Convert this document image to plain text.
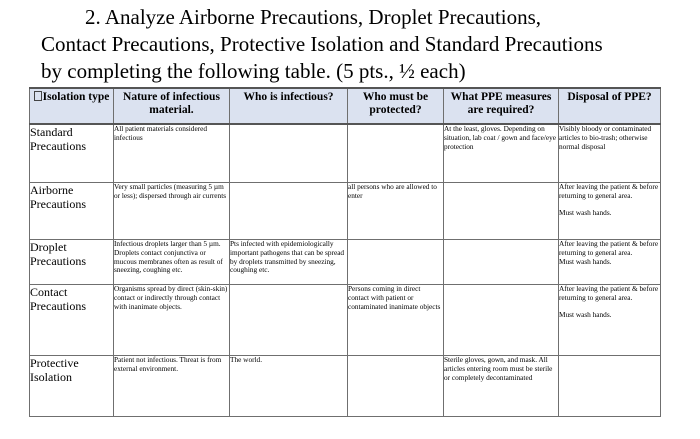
2. Analyze Airborne Precautions, Droplet Precautions,
Contact Precautions, Protective Isolation and Standard Precautions
by completing the following table. (5 pts., ½ each)
Isolation type	Nature of infectious material.	Who is infectious?	Who must be protected?	What PPE measures are required?	Disposal of PPE?

Standard Precautions	All patient materials considered infectious			At the least, gloves. Depending on situation, lab coat / gown and face/eye protection	Visibly bloody or contaminated articles to bio-trash; otherwise normal disposal

Airborne Precautions	Very small particles (measuring 5 µm or less); dispersed through air currents		all persons who are allowed to enter		After leaving the patient & before returning to general area.
Must wash hands.

Droplet Precautions	Infectious droplets larger than 5 µm. Droplets contact conjunctiva or mucous membranes often as result of sneezing, coughing etc.	Pts infected with epidemiologically important pathogens that can be spread by droplets transmitted by sneezing, coughing etc.			After leaving the patient & before returning to general area.
Must wash hands.

Contact Precautions	Organisms spread by direct (skin-skin) contact or indirectly through contact with inanimate objects.		Persons coming in direct contact with patient or contaminated inanimate objects		After leaving the patient & before returning to general area.
Must wash hands.

Protective Isolation	Patient not infectious. Threat is from external environment.	The world.		Sterile gloves, gown, and mask. All articles entering room must be sterile or completely decontaminated	
